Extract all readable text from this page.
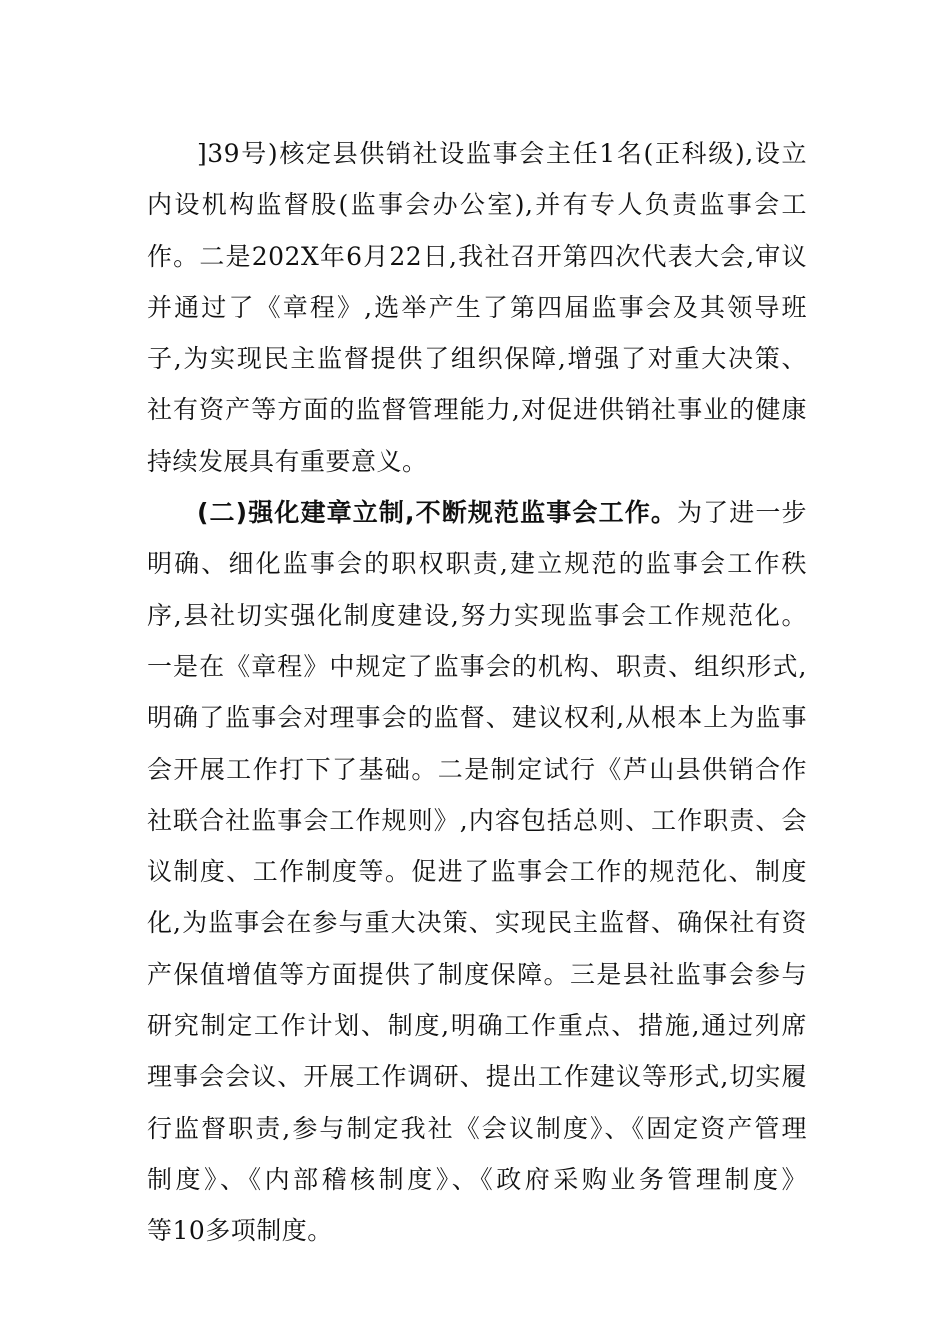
]39号)核定县供销社设监事会主任1名(正科级),设立
内设机构监督股(监事会办公室),并有专人负责监事会工
作。二是202X年6月22日,我社召开第四次代表大会,审议
并通过了《章程》,选举产生了第四届监事会及其领导班
子,为实现民主监督提供了组织保障,增强了对重大决策、
社有资产等方面的监督管理能力,对促进供销社事业的健康
持续发展具有重要意义。
(二)强化建章立制,不断规范监事会工作。为了进一步
明确、细化监事会的职权职责,建立规范的监事会工作秩
序,县社切实强化制度建设,努力实现监事会工作规范化。
一是在《章程》中规定了监事会的机构、职责、组织形式,
明确了监事会对理事会的监督、建议权利,从根本上为监事
会开展工作打下了基础。二是制定试行《芦山县供销合作
社联合社监事会工作规则》,内容包括总则、工作职责、会
议制度、工作制度等。促进了监事会工作的规范化、制度
化,为监事会在参与重大决策、实现民主监督、确保社有资
产保值增值等方面提供了制度保障。三是县社监事会参与
研究制定工作计划、制度,明确工作重点、措施,通过列席
理事会会议、开展工作调研、提出工作建议等形式,切实履
行监督职责,参与制定我社《会议制度》、《固定资产管理
制度》、《内部稽核制度》、《政府采购业务管理制度》
等10多项制度。
